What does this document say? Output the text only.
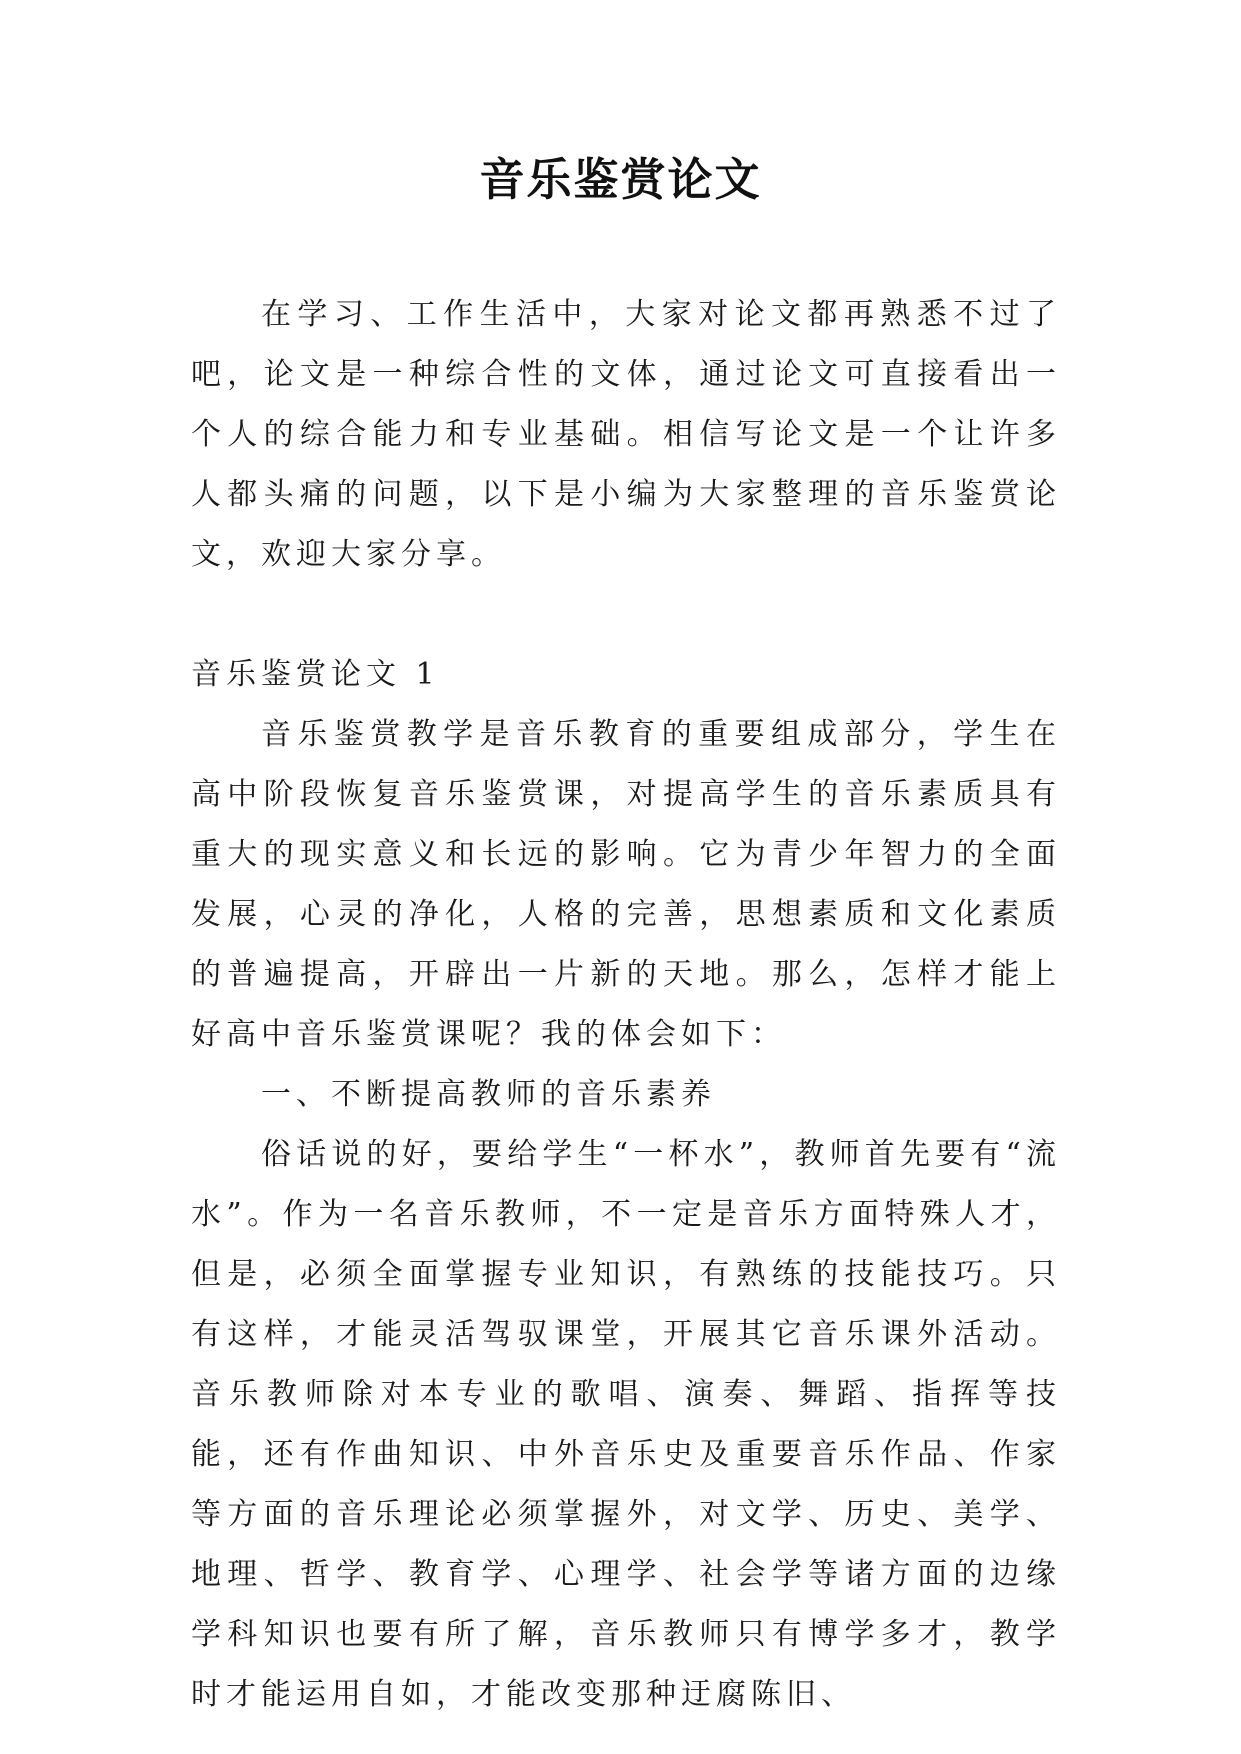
音乐鉴赏论文

在学习、工作生活中，大家对论文都再熟悉不过了吧，论文是一种综合性的文体，通过论文可直接看出一个人的综合能力和专业基础。相信写论文是一个让许多人都头痛的问题，以下是小编为大家整理的音乐鉴赏论文，欢迎大家分享。

音乐鉴赏论文 1

音乐鉴赏教学是音乐教育的重要组成部分，学生在高中阶段恢复音乐鉴赏课，对提高学生的音乐素质具有重大的现实意义和长远的影响。它为青少年智力的全面发展，心灵的净化，人格的完善，思想素质和文化素质的普遍提高，开辟出一片新的天地。那么，怎样才能上好高中音乐鉴赏课呢？我的体会如下：

一、不断提高教师的音乐素养

俗话说的好，要给学生“一杯水”，教师首先要有“流水”。作为一名音乐教师，不一定是音乐方面特殊人才，但是，必须全面掌握专业知识，有熟练的技能技巧。只有这样，才能灵活驾驭课堂，开展其它音乐课外活动。音乐教师除对本专业的歌唱、演奏、舞蹈、指挥等技能，还有作曲知识、中外音乐史及重要音乐作品、作家等方面的音乐理论必须掌握外，对文学、历史、美学、地理、哲学、教育学、心理学、社会学等诸方面的边缘学科知识也要有所了解，音乐教师只有博学多才，教学时才能运用自如，才能改变那种迂腐陈旧、
